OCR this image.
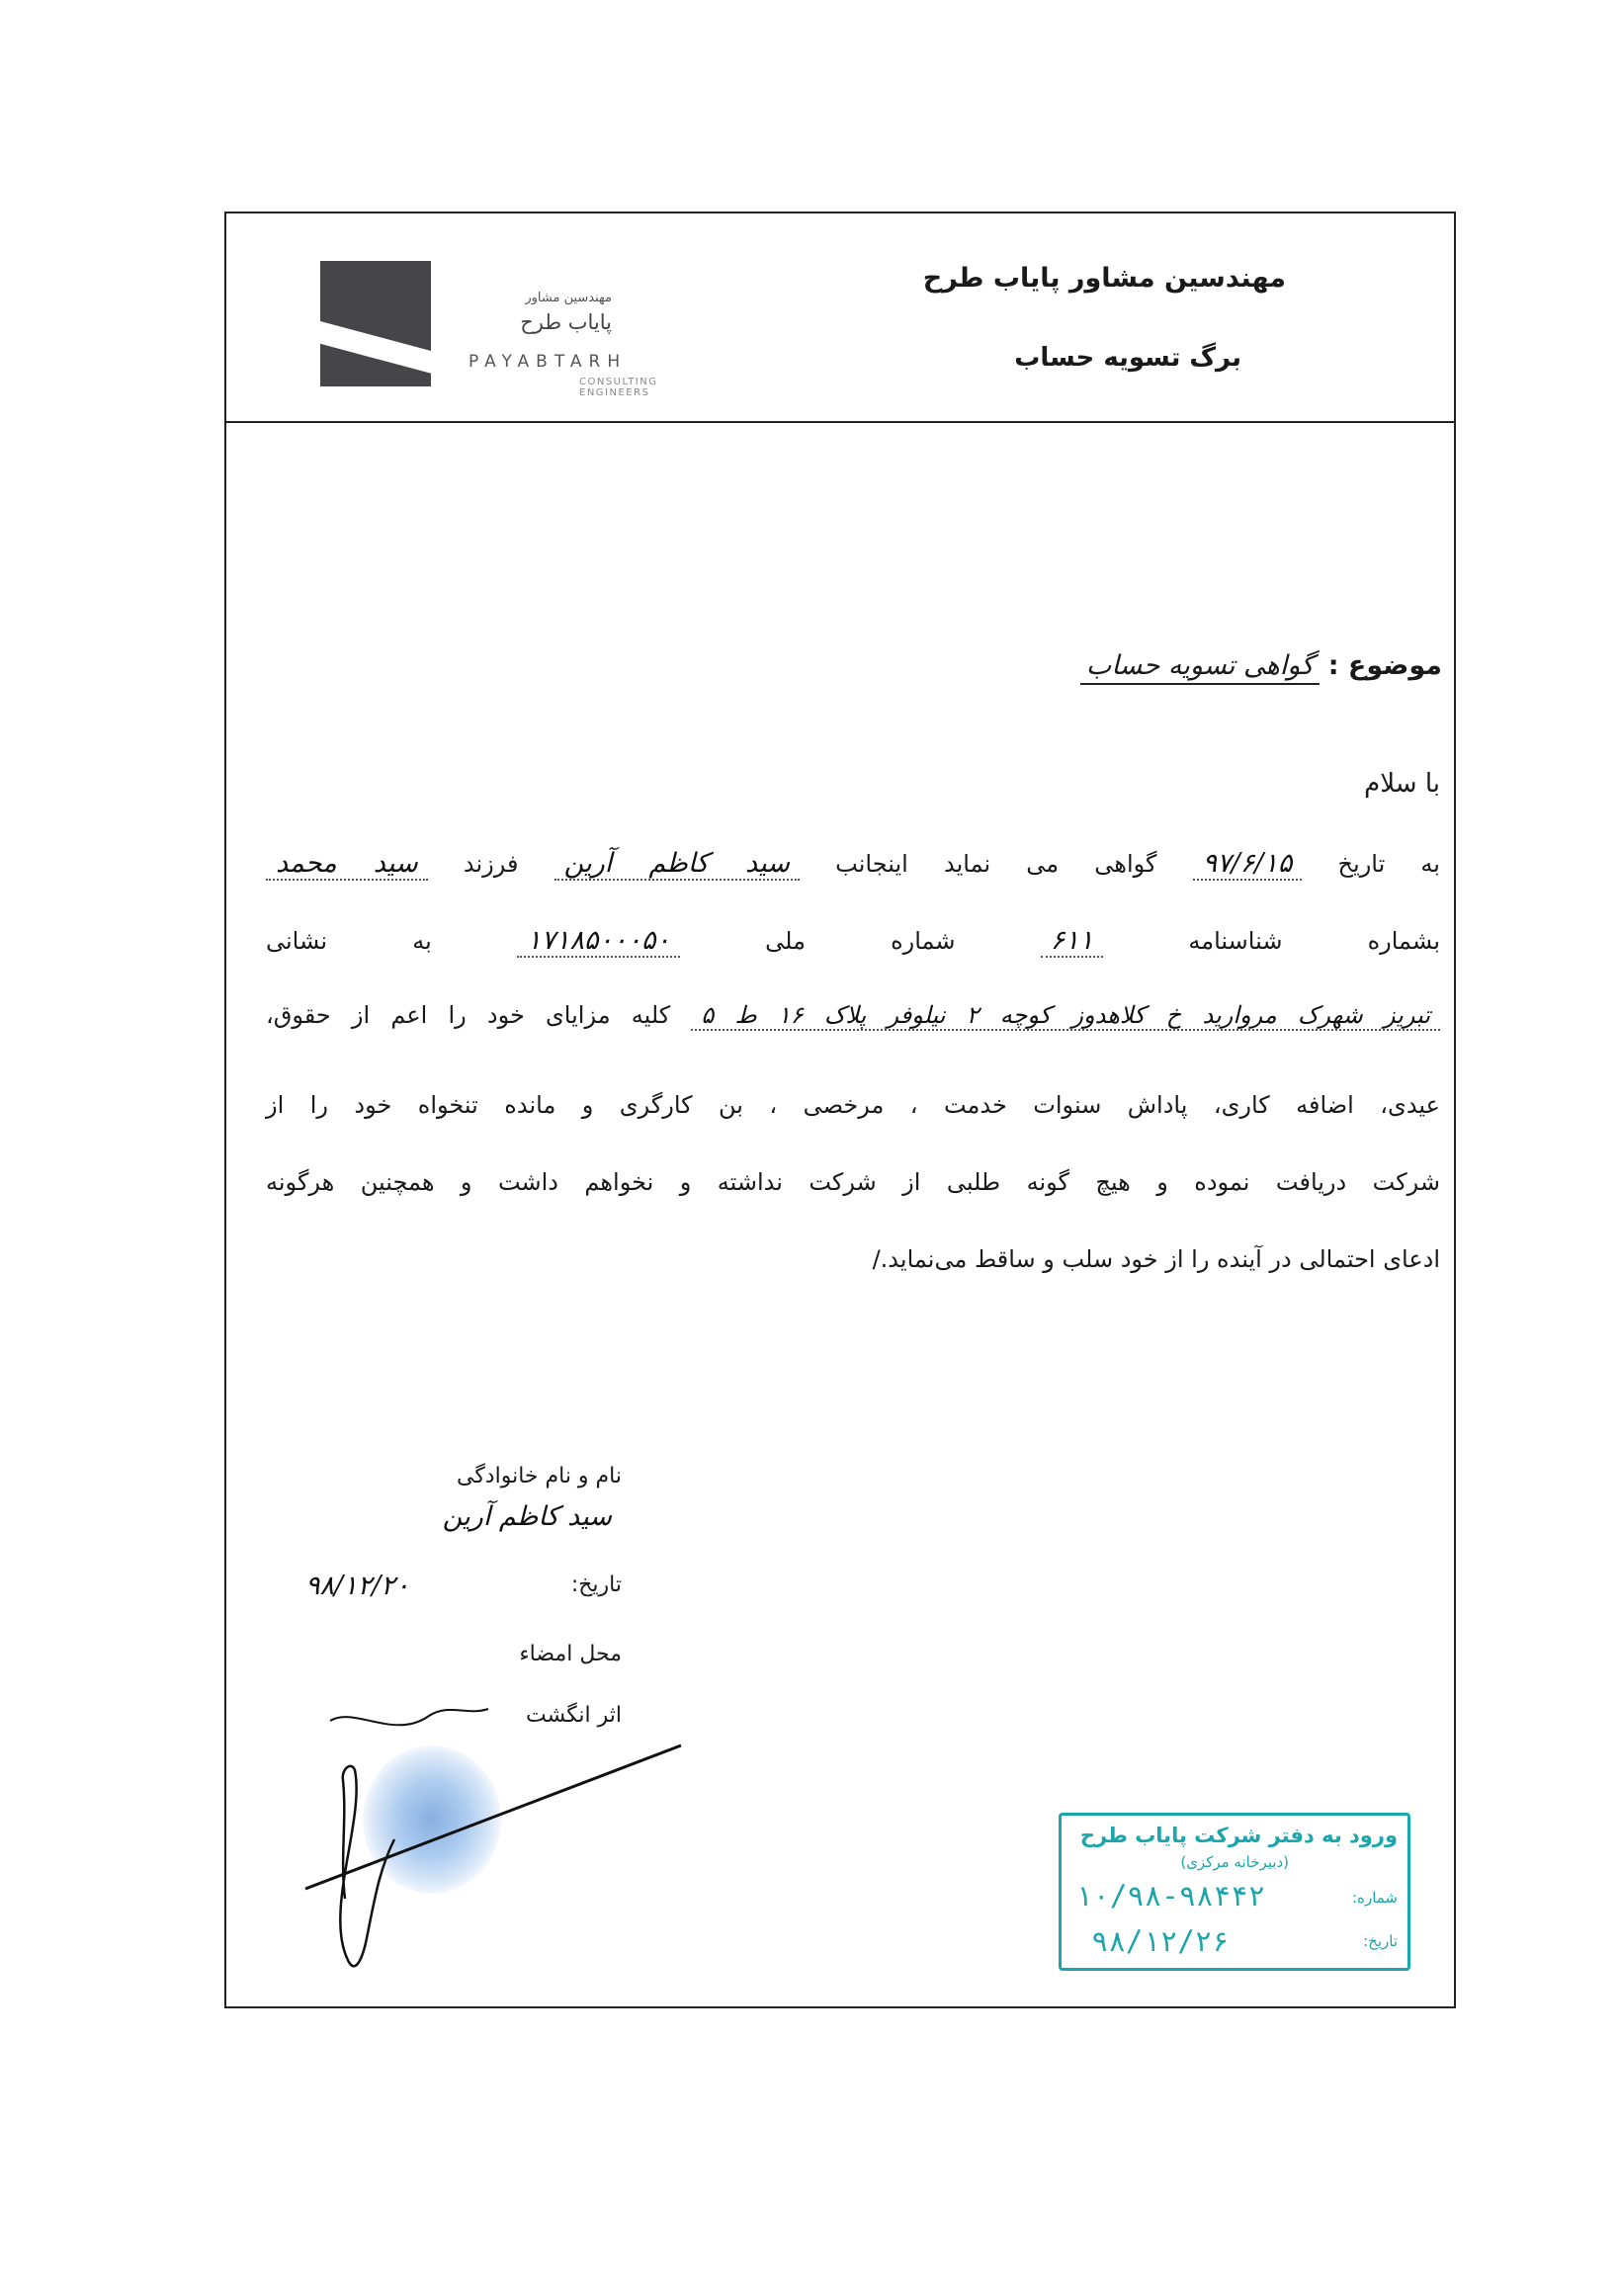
مهندسین مشاور
پایاب طرح
PAYABTARH
CONSULTING ENGINEERS
مهندسین مشاور پایاب طرح
برگ تسویه حساب
موضوع : گواهی تسویه حساب
با سلام
به تاریخ ۹۷/۶/۱۵ گواهی می نماید اینجانب سید کاظم آرین فرزند سید محمد
بشماره شناسنامه ۶۱۱ شماره ملی ۱۷۱۸۵۰۰۰۵۰ به نشانی
تبریز شهرک مروارید خ کلاهدوز کوچه ۲ نیلوفر پلاک ۱۶ ط ۵ کلیه مزایای خود را اعم از حقوق،
عیدی، اضافه کاری، پاداش سنوات خدمت ، مرخصی ، بن کارگری و مانده تنخواه خود را از
شرکت دریافت نموده و هیچ گونه طلبی از شرکت نداشته و نخواهم داشت و همچنین هرگونه
ادعای احتمالی در آینده را از خود سلب و ساقط می‌نماید./
نام و نام خانوادگی
سید کاظم آرین
تاریخ:
۹۸/۱۲/۲۰
محل امضاء
اثر انگشت
ورود به دفتر شرکت پایاب طرح
(دبیرخانه مرکزی)
شماره:
۱۰/۹۸-۹۸۴۴۲
تاریخ:
۹۸/۱۲/۲۶
